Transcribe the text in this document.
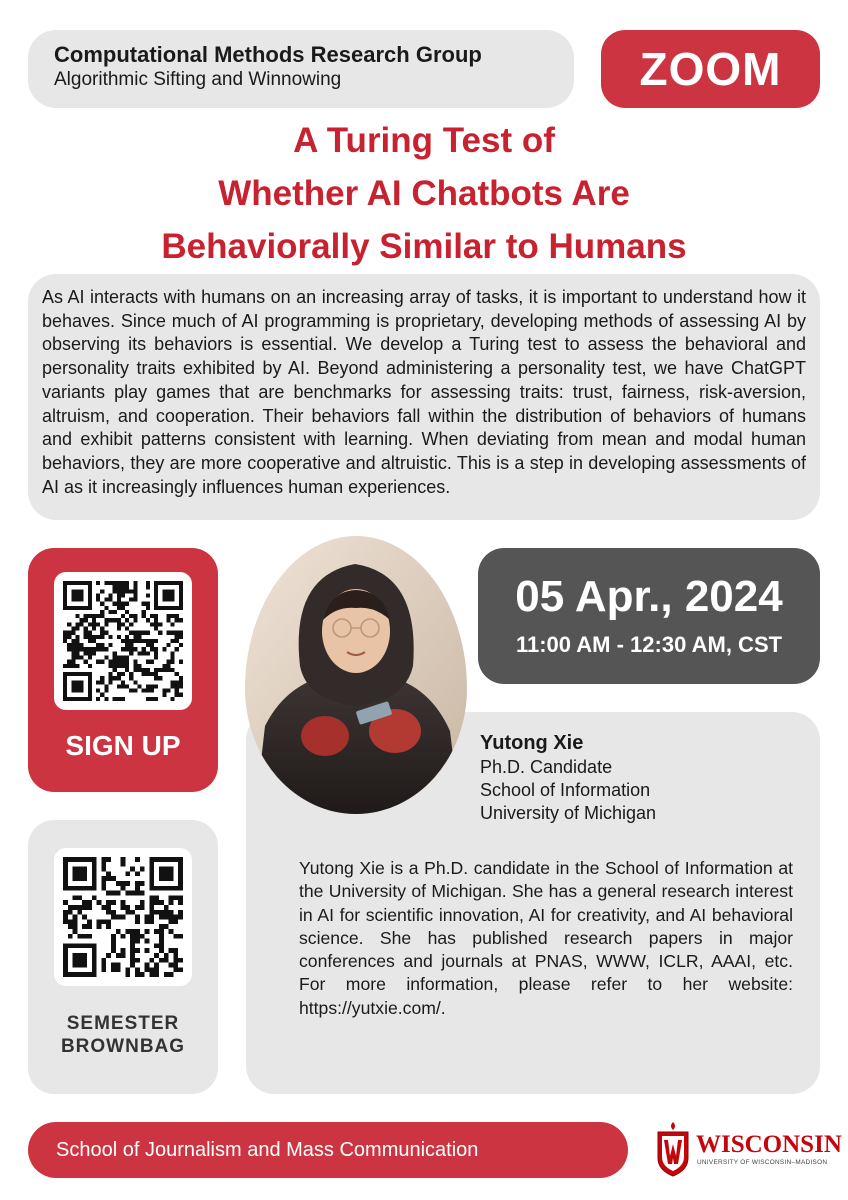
Computational Methods Research Group
Algorithmic Sifting and Winnowing	ZOOM
A Turing Test of
Whether AI Chatbots Are
Behaviorally Similar to Humans

As AI interacts with humans on an increasing array of tasks, it is important to understand how it behaves. Since much of AI programming is proprietary, developing methods of assessing AI by observing its behaviors is essential. We develop a Turing test to assess the behavioral and personality traits exhibited by AI. Beyond administering a personality test, we have ChatGPT variants play games that are benchmarks for assessing traits: trust, fairness, risk-aversion, altruism, and cooperation. Their behaviors fall within the distribution of behaviors of humans and exhibit patterns consistent with learning. When deviating from mean and modal human behaviors, they are more cooperative and altruistic. This is a step in developing assessments of AI as it increasingly influences human experiences.

SIGN UP
SEMESTER
BROWNBAG
05 Apr., 2024
11:00 AM - 12:30 AM, CST
Yutong Xie
Ph.D. Candidate
School of Information
University of Michigan

Yutong Xie is a Ph.D. candidate in the School of Information at the University of Michigan. She has a general research interest in AI for scientific innovation, AI for creativity, and AI behavioral science. She has published research papers in major conferences and journals at PNAS, WWW, ICLR, AAAI, etc. For more information, please refer to her website: https://yutxie.com/.

School of Journalism and Mass Communication	WISCONSIN
UNIVERSITY OF WISCONSIN–MADISON
